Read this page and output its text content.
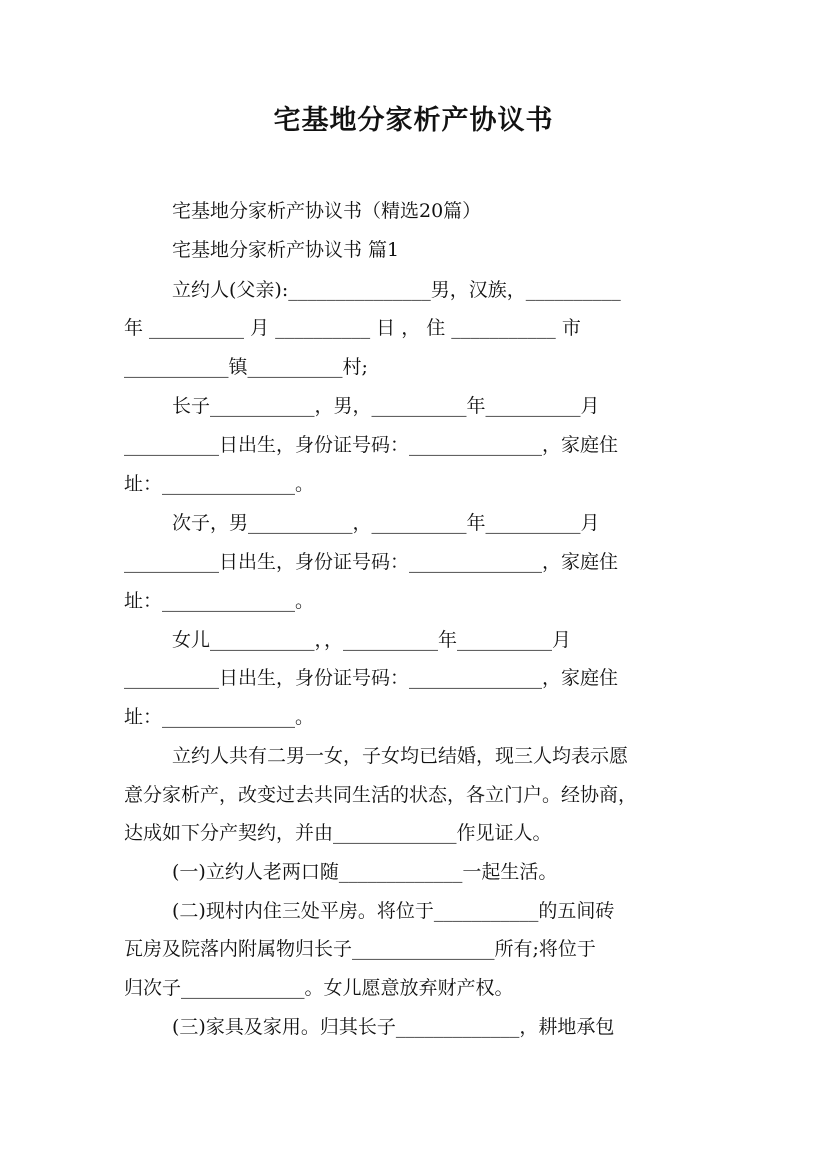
宅基地分家析产协议书
宅基地分家析产协议书（精选20篇）
宅基地分家析产协议书 篇1
立约人(父亲):_______________男，汉族，__________
年 __________ 月 __________ 日 ， 住 ___________ 市
___________镇__________村;
长子___________，男，__________年__________月
__________日出生，身份证号码：______________，家庭住
址：______________。
次子，男___________，__________年__________月
__________日出生，身份证号码：______________，家庭住
址：______________。
女儿___________，，__________年__________月
__________日出生，身份证号码：______________，家庭住
址：______________。
立约人共有二男一女，子女均已结婚，现三人均表示愿
意分家析产，改变过去共同生活的状态，各立门户。经协商，
达成如下分产契约，并由_____________作见证人。
(一)立约人老两口随_____________一起生活。
(二)现村内住三处平房。将位于___________的五间砖
瓦房及院落内附属物归长子_______________所有;将位于
归次子_____________。女儿愿意放弃财产权。
(三)家具及家用。归其长子_____________，耕地承包
